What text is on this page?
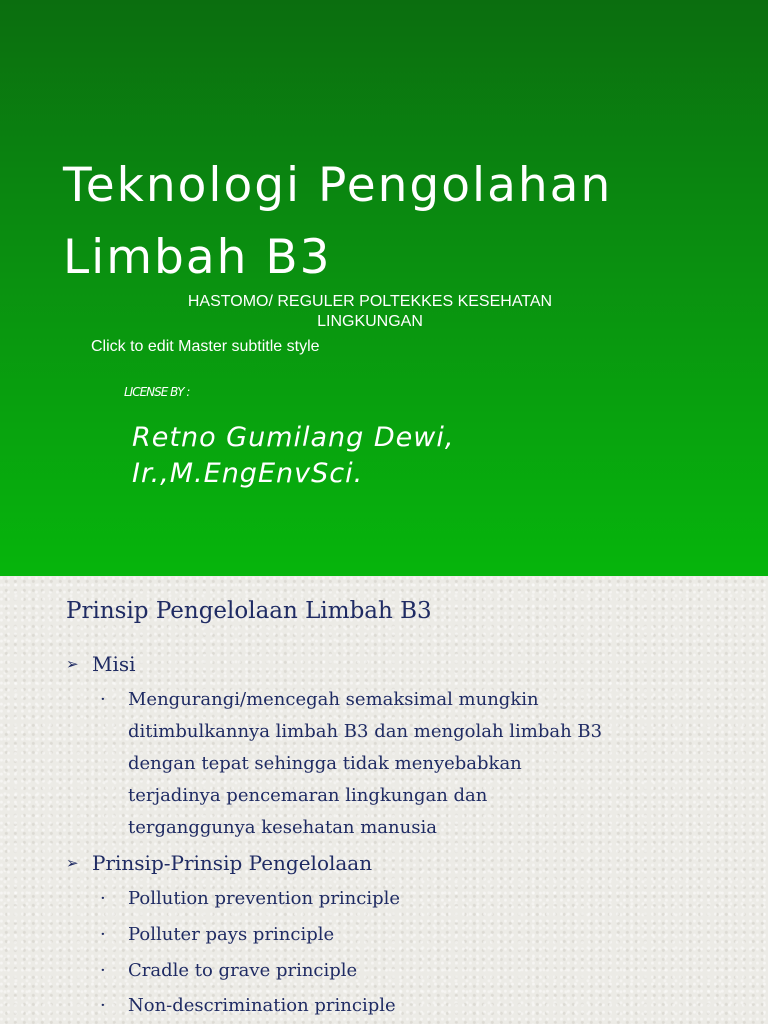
Teknologi Pengolahan
Limbah B3
HASTOMO/ REGULER POLTEKKES KESEHATAN
LINGKUNGAN
Click to edit Master subtitle style
LICENSE BY :
Retno Gumilang Dewi,
Ir.,M.EngEnvSci.
Prinsip Pengelolaan Limbah B3
➢ Misi
· Mengurangi/mencegah semaksimal mungkin
ditimbulkannya limbah B3 dan mengolah limbah B3
dengan tepat sehingga tidak menyebabkan
terjadinya pencemaran lingkungan dan
terganggunya kesehatan manusia
➢ Prinsip-Prinsip Pengelolaan
· Pollution prevention principle
· Polluter pays principle
· Cradle to grave principle
· Non-descrimination principle
